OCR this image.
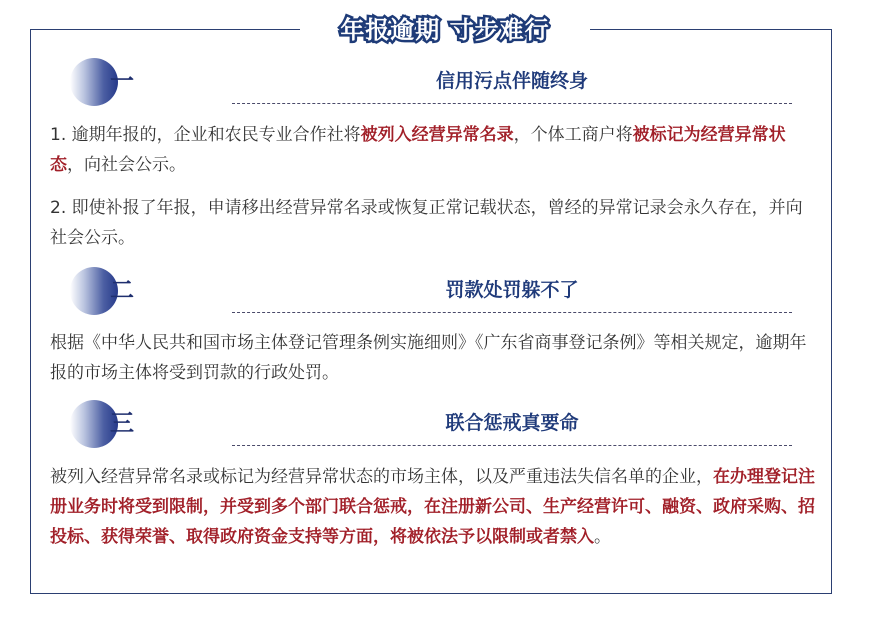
年报逾期 寸步难行
一	信用污点伴随终身
1. 逾期年报的，企业和农民专业合作社将被列入经营异常名录，个体工商户将被标记为经营异常状态，向社会公示。
2. 即使补报了年报，申请移出经营异常名录或恢复正常记载状态，曾经的异常记录会永久存在，并向社会公示。
二	罚款处罚躲不了
根据《中华人民共和国市场主体登记管理条例实施细则》《广东省商事登记条例》等相关规定，逾期年报的市场主体将受到罚款的行政处罚。
三	联合惩戒真要命
被列入经营异常名录或标记为经营异常状态的市场主体，以及严重违法失信名单的企业，在办理登记注册业务时将受到限制，并受到多个部门联合惩戒，在注册新公司、生产经营许可、融资、政府采购、招投标、获得荣誉、取得政府资金支持等方面，将被依法予以限制或者禁入。
